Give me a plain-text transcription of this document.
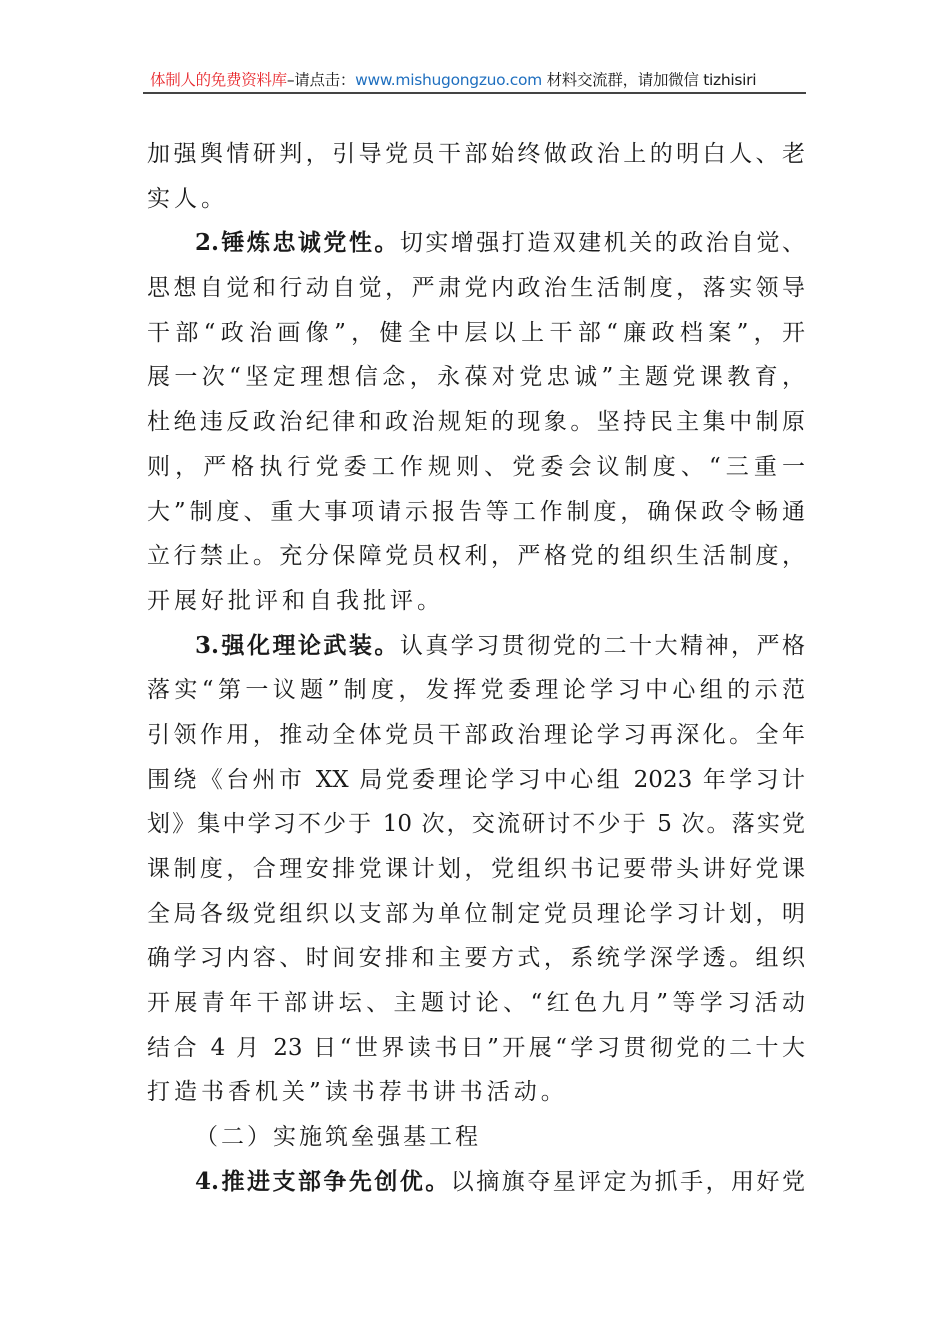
体制人的免费资料库–请点击：www.mishugongzuo.com 材料交流群，请加微信 tizhisiri
加强舆情研判，引导党员干部始终做政治上的明白人、老
实人。
2.锤炼忠诚党性。切实增强打造双建机关的政治自觉、
思想自觉和行动自觉，严肃党内政治生活制度，落实领导
干部“政治画像”，健全中层以上干部“廉政档案”，开
展一次“坚定理想信念，永葆对党忠诚”主题党课教育，
杜绝违反政治纪律和政治规矩的现象。坚持民主集中制原
则，严格执行党委工作规则、党委会议制度、“三重一
大”制度、重大事项请示报告等工作制度，确保政令畅通
立行禁止。充分保障党员权利，严格党的组织生活制度，
开展好批评和自我批评。
3.强化理论武装。认真学习贯彻党的二十大精神，严格
落实“第一议题”制度，发挥党委理论学习中心组的示范
引领作用，推动全体党员干部政治理论学习再深化。全年
围绕《台州市 XX 局党委理论学习中心组 2023 年学习计
划》集中学习不少于 10 次，交流研讨不少于 5 次。落实党
课制度，合理安排党课计划，党组织书记要带头讲好党课
全局各级党组织以支部为单位制定党员理论学习计划，明
确学习内容、时间安排和主要方式，系统学深学透。组织
开展青年干部讲坛、主题讨论、“红色九月”等学习活动
结合 4 月 23 日“世界读书日”开展“学习贯彻党的二十大
打造书香机关”读书荐书讲书活动。
（二）实施筑垒强基工程
4.推进支部争先创优。以摘旗夺星评定为抓手，用好党
